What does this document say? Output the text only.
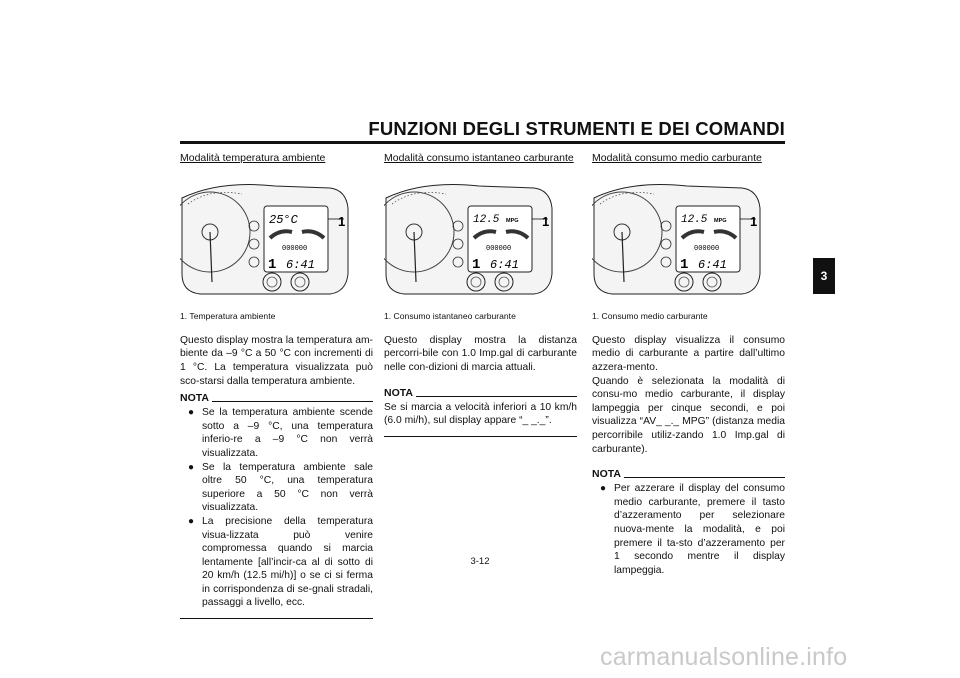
FUNZIONI DEGLI STRUMENTI E DEI COMANDI
3
Modalità temperatura ambiente
25°C
000000
1 6:41
1
1. Temperatura ambiente
Questo display mostra la temperatura am-biente da –9 °C a 50 °C con incrementi di 1 °C. La temperatura visualizzata può sco-starsi dalla temperatura ambiente.
NOTA
● Se la temperatura ambiente scende sotto a –9 °C, una temperatura inferio-re a –9 °C non verrà visualizzata.
● Se la temperatura ambiente sale oltre 50 °C, una temperatura superiore a 50 °C non verrà visualizzata.
● La precisione della temperatura visua-lizzata può venire compromessa quando si marcia lentamente [all’incir-ca al di sotto di 20 km/h (12.5 mi/h)] o se ci si ferma in corrispondenza di se-gnali stradali, passaggi a livello, ecc.
Modalità consumo istantaneo carburante
12.5 MPG
000000
1 6:41
1
1. Consumo istantaneo carburante
Questo display mostra la distanza percorri-bile con 1.0 Imp.gal di carburante nelle con-dizioni di marcia attuali.
NOTA
Se si marcia a velocità inferiori a 10 km/h (6.0 mi/h), sul display appare “_ _._”.
Modalità consumo medio carburante
12.5 MPG
000000
1 6:41
1
1. Consumo medio carburante
Questo display visualizza il consumo medio di carburante a partire dall’ultimo azzera-mento.
Quando è selezionata la modalità di consu-mo medio carburante, il display lampeggia per cinque secondi, e poi visualizza “AV_ _._ MPG” (distanza media percorribile utiliz-zando 1.0 Imp.gal di carburante).
NOTA
● Per azzerare il display del consumo medio carburante, premere il tasto d’azzeramento per selezionare nuova-mente la modalità, e poi premere il ta-sto d’azzeramento per 1 secondo mentre il display lampeggia.
3-12
carmanualsonline.info
